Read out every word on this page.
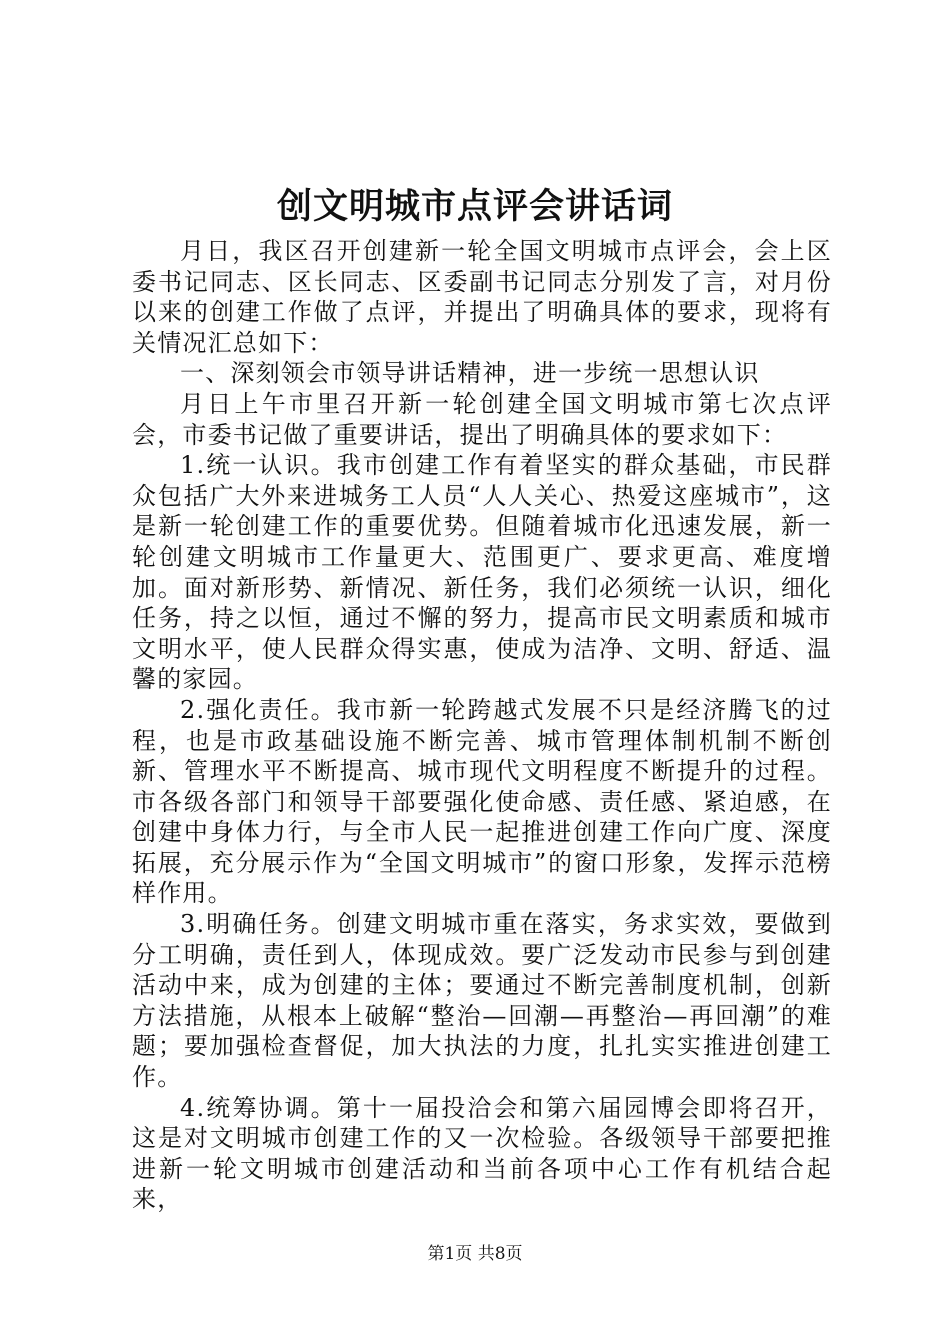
创文明城市点评会讲话词

月日，我区召开创建新一轮全国文明城市点评会，会上区委书记同志、区长同志、区委副书记同志分别发了言，对月份以来的创建工作做了点评，并提出了明确具体的要求，现将有关情况汇总如下：

一、深刻领会市领导讲话精神，进一步统一思想认识

月日上午市里召开新一轮创建全国文明城市第七次点评会，市委书记做了重要讲话，提出了明确具体的要求如下：

1.统一认识。我市创建工作有着坚实的群众基础，市民群众包括广大外来进城务工人员“人人关心、热爱这座城市”，这是新一轮创建工作的重要优势。但随着城市化迅速发展，新一轮创建文明城市工作量更大、范围更广、要求更高、难度增加。面对新形势、新情况、新任务，我们必须统一认识，细化任务，持之以恒，通过不懈的努力，提高市民文明素质和城市文明水平，使人民群众得实惠，使成为洁净、文明、舒适、温馨的家园。

2.强化责任。我市新一轮跨越式发展不只是经济腾飞的过程，也是市政基础设施不断完善、城市管理体制机制不断创新、管理水平不断提高、城市现代文明程度不断提升的过程。市各级各部门和领导干部要强化使命感、责任感、紧迫感，在创建中身体力行，与全市人民一起推进创建工作向广度、深度拓展，充分展示作为“全国文明城市”的窗口形象，发挥示范榜样作用。

3.明确任务。创建文明城市重在落实，务求实效，要做到分工明确，责任到人，体现成效。要广泛发动市民参与到创建活动中来，成为创建的主体；要通过不断完善制度机制，创新方法措施，从根本上破解“整治—回潮—再整治—再回潮”的难题；要加强检查督促，加大执法的力度，扎扎实实推进创建工作。

4.统筹协调。第十一届投洽会和第六届园博会即将召开，这是对文明城市创建工作的又一次检验。各级领导干部要把推进新一轮文明城市创建活动和当前各项中心工作有机结合起来，

第1页 共8页
